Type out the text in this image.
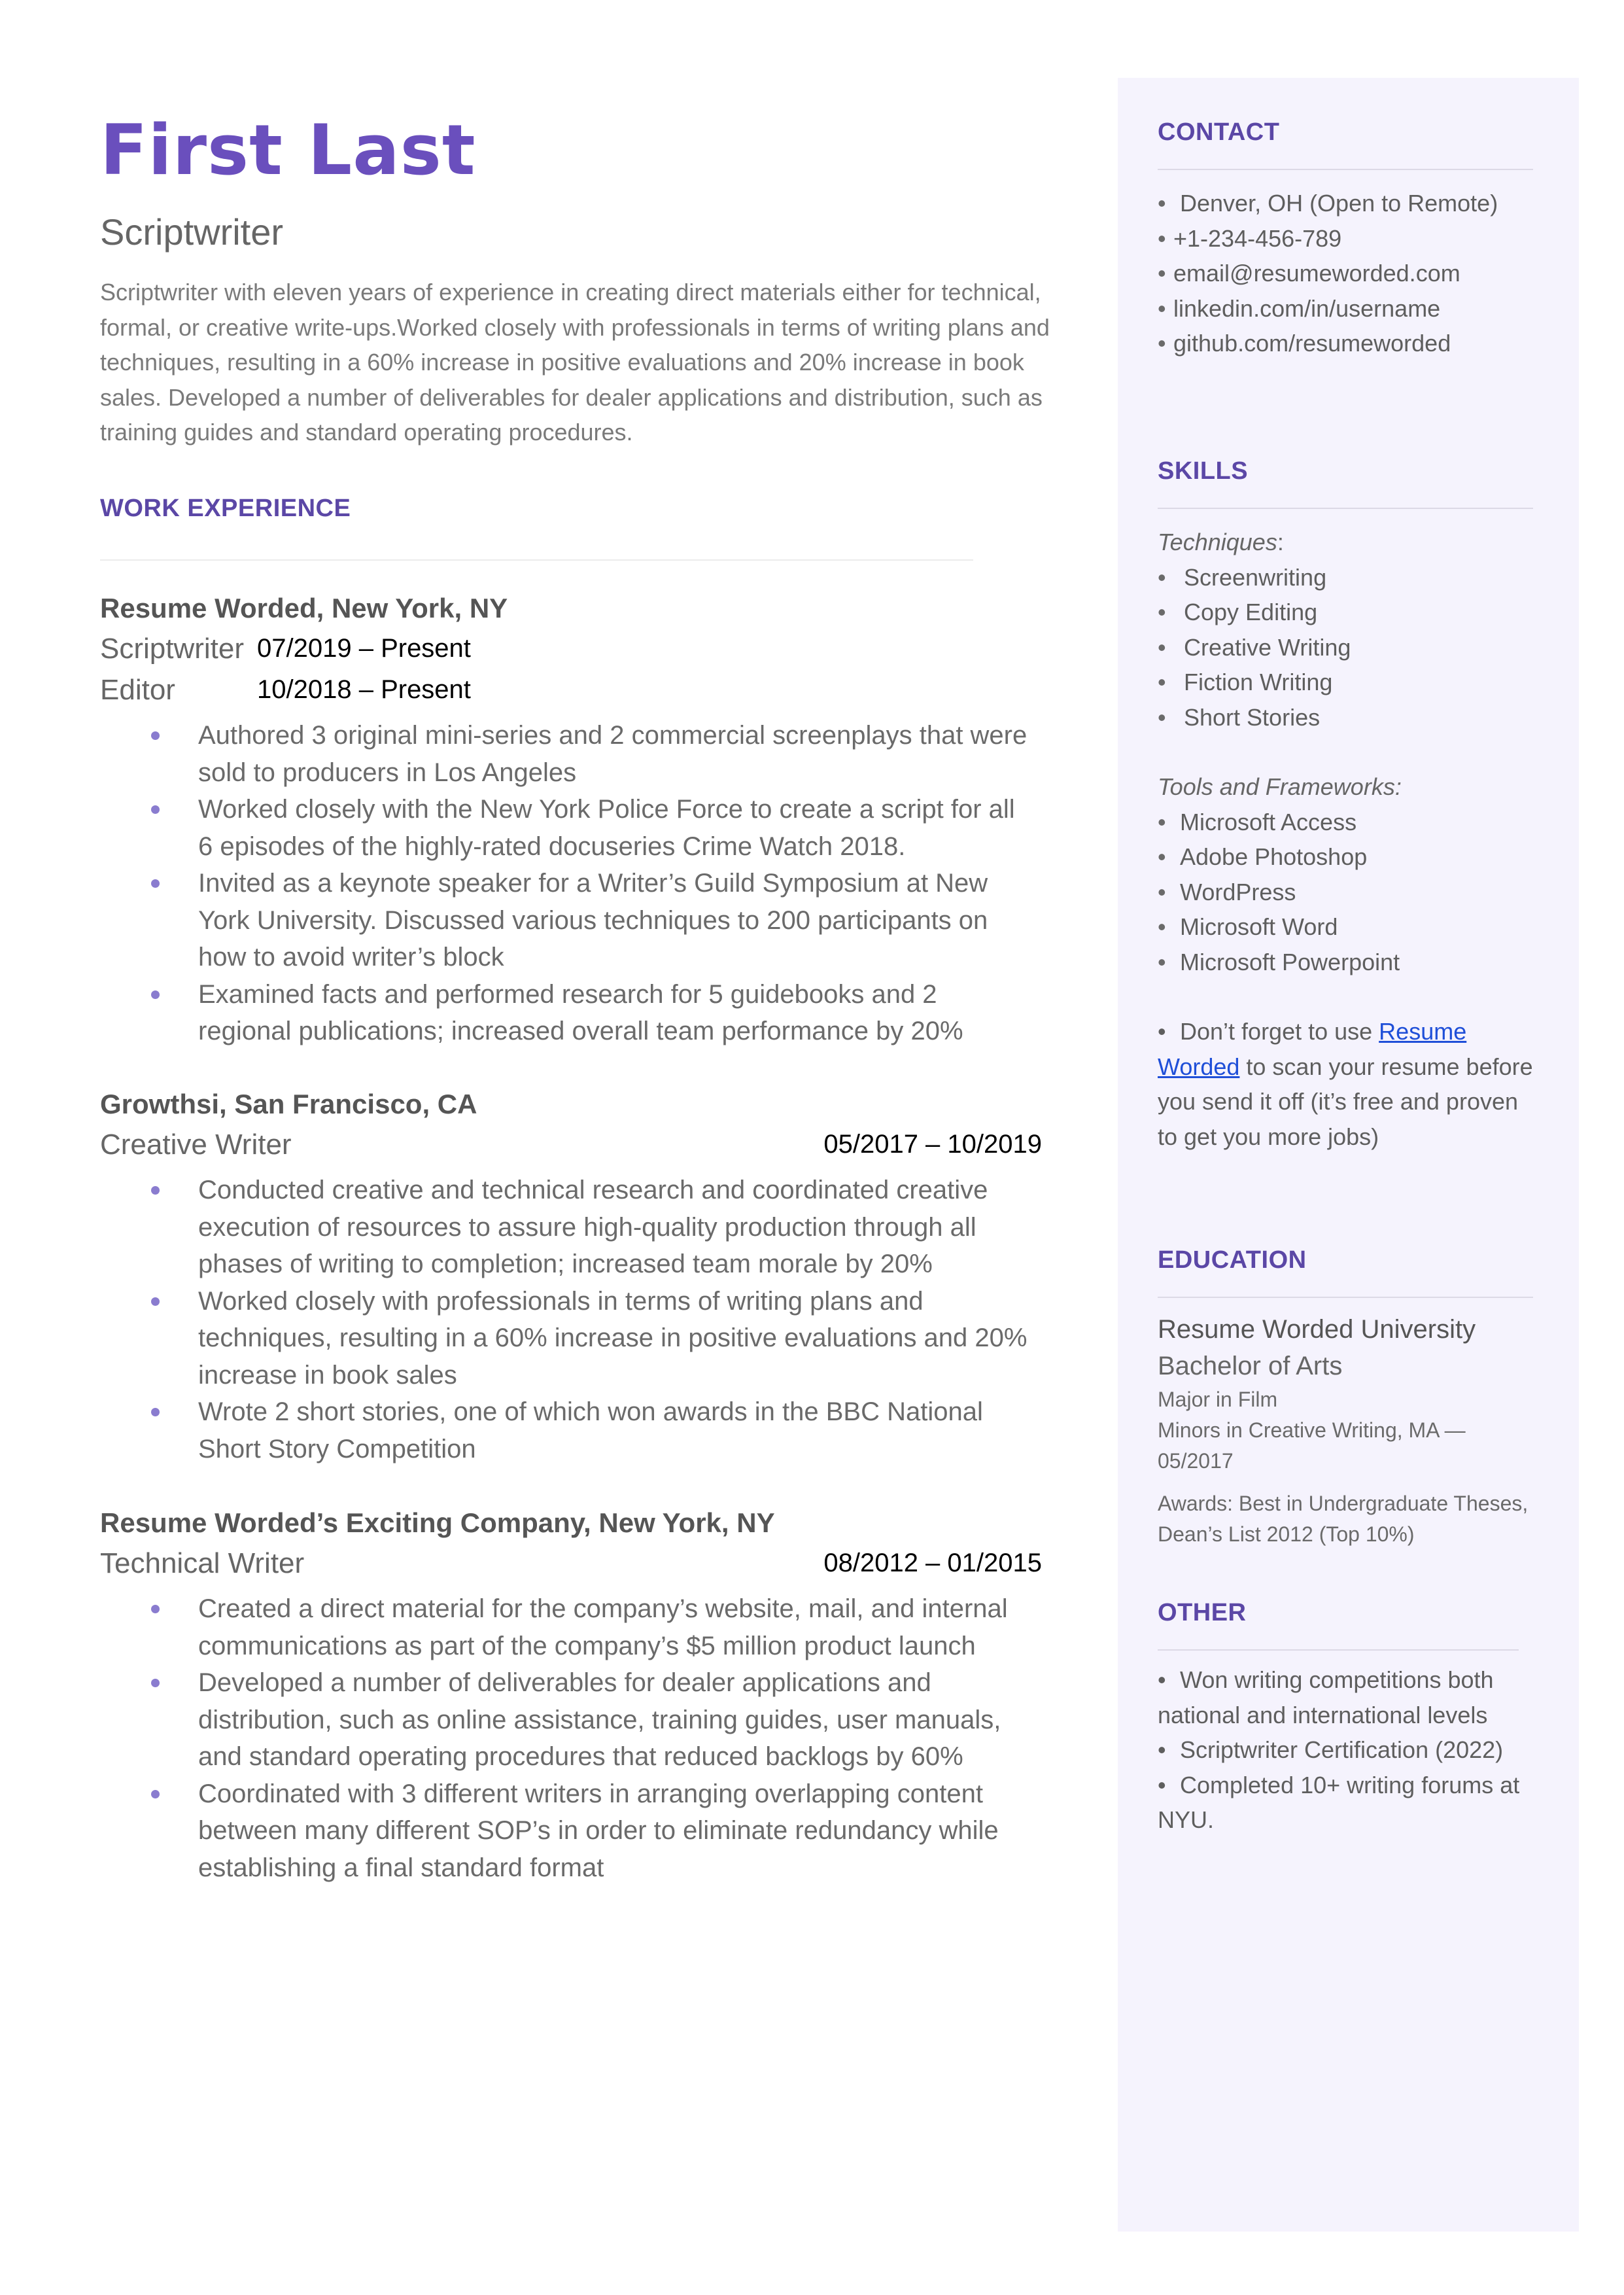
First Last
Scriptwriter

Scriptwriter with eleven years of experience in creating direct materials either for technical, formal, or creative write-ups.Worked closely with professionals in terms of writing plans and techniques, resulting in a 60% increase in positive evaluations and 20% increase in book sales. Developed a number of deliverables for dealer applications and distribution, such as training guides and standard operating procedures.

WORK EXPERIENCE
Resume Worded, New York, NY
Scriptwriter 07/2019 – Present
Editor	10/2018 – Present
Authored 3 original mini-series and 2 commercial screenplays that were sold to producers in Los Angeles
Worked closely with the New York Police Force to create a script for all 6 episodes of the highly-rated docuseries Crime Watch 2018.
Invited as a keynote speaker for a Writer’s Guild Symposium at New York University. Discussed various techniques to 200 participants on how to avoid writer’s block
Examined facts and performed research for 5 guidebooks and 2 regional publications; increased overall team performance by 20%
Growthsi, San Francisco, CA
Creative Writer	05/2017 – 10/2019
Conducted creative and technical research and coordinated creative execution of resources to assure high-quality production through all phases of writing to completion; increased team morale by 20%
Worked closely with professionals in terms of writing plans and techniques, resulting in a 60% increase in positive evaluations and 20% increase in book sales
Wrote 2 short stories, one of which won awards in the BBC National Short Story Competition
Resume Worded’s Exciting Company, New York, NY
Technical Writer	08/2012 – 01/2015
Created a direct material for the company’s website, mail, and internal communications as part of the company’s $5 million product launch
Developed a number of deliverables for dealer applications and distribution, such as online assistance, training guides, user manuals, and standard operating procedures that reduced backlogs by 60%
Coordinated with 3 different writers in arranging overlapping content between many different SOP’s in order to eliminate redundancy while establishing a final standard format
CONTACT
• Denver, OH (Open to Remote)
• +1-234-456-789
• email@resumeworded.com
• linkedin.com/in/username
• github.com/resumeworded
SKILLS
Techniques:
• Screenwriting
• Copy Editing
• Creative Writing
• Fiction Writing
• Short Stories
Tools and Frameworks:
• Microsoft Access
• Adobe Photoshop
• WordPress
• Microsoft Word
• Microsoft Powerpoint

• Don’t forget to use Resume Worded to scan your resume before you send it off (it’s free and proven to get you more jobs)

EDUCATION
Resume Worded University
Bachelor of Arts
Major in Film
Minors in Creative Writing, MA — 05/2017
Awards: Best in Undergraduate Theses, Dean’s List 2012 (Top 10%)
OTHER

• Won writing competitions both national and international levels

• Scriptwriter Certification (2022)

• Completed 10+ writing forums at NYU.
